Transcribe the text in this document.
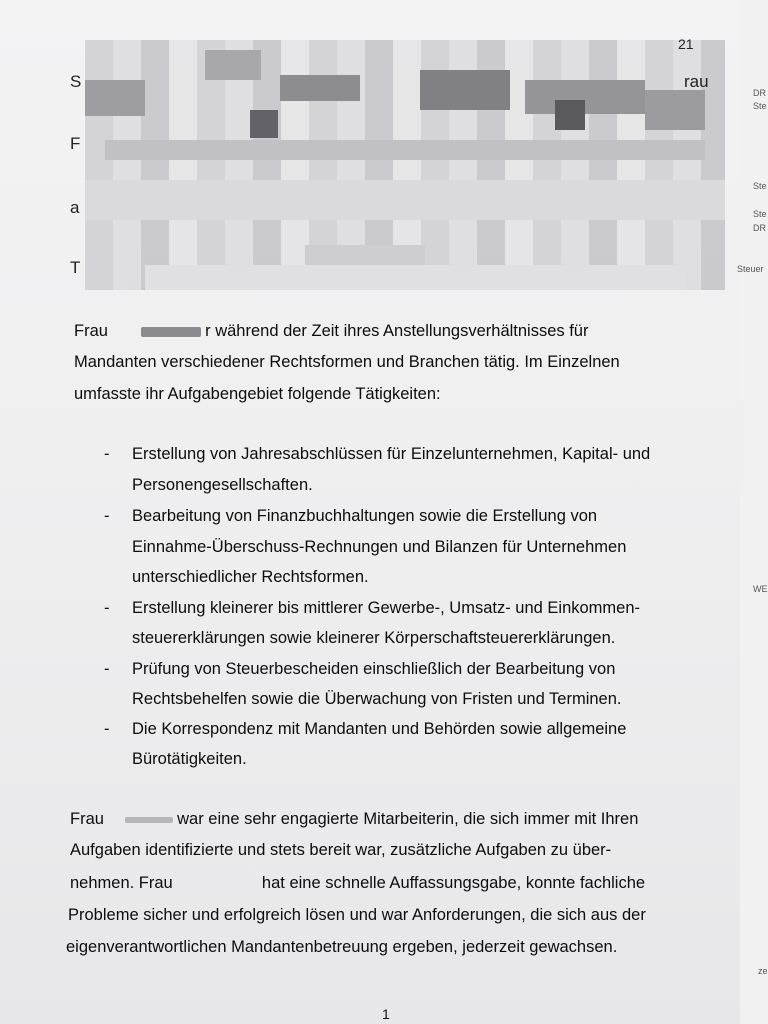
S
F
a
T
21
rau
Frau	r während der Zeit ihres Anstellungsverhältnisses für
Mandanten verschiedener Rechtsformen und Branchen tätig. Im Einzelnen
umfasste ihr Aufgabengebiet folgende Tätigkeiten:
- Erstellung von Jahresabschlüssen für Einzelunternehmen, Kapital- und
Personengesellschaften.
- Bearbeitung von Finanzbuchhaltungen sowie die Erstellung von
Einnahme-Überschuss-Rechnungen und Bilanzen für Unternehmen
unterschiedlicher Rechtsformen.
- Erstellung kleinerer bis mittlerer Gewerbe-, Umsatz- und Einkommen-
steuererklärungen sowie kleinerer Körperschaftsteuererklärungen.
- Prüfung von Steuerbescheiden einschließlich der Bearbeitung von
Rechtsbehelfen sowie die Überwachung von Fristen und Terminen.
- Die Korrespondenz mit Mandanten und Behörden sowie allgemeine
Bürotätigkeiten.
Frau	war eine sehr engagierte Mitarbeiterin, die sich immer mit Ihren
Aufgaben identifizierte und stets bereit war, zusätzliche Aufgaben zu über-
nehmen. Frau	hat eine schnelle Auffassungsgabe, konnte fachliche
Probleme sicher und erfolgreich lösen und war Anforderungen, die sich aus der
eigenverantwortlichen Mandantenbetreuung ergeben, jederzeit gewachsen.
1
DR
Ste
Ste
Ste
DR
Steuer
WE
ze
